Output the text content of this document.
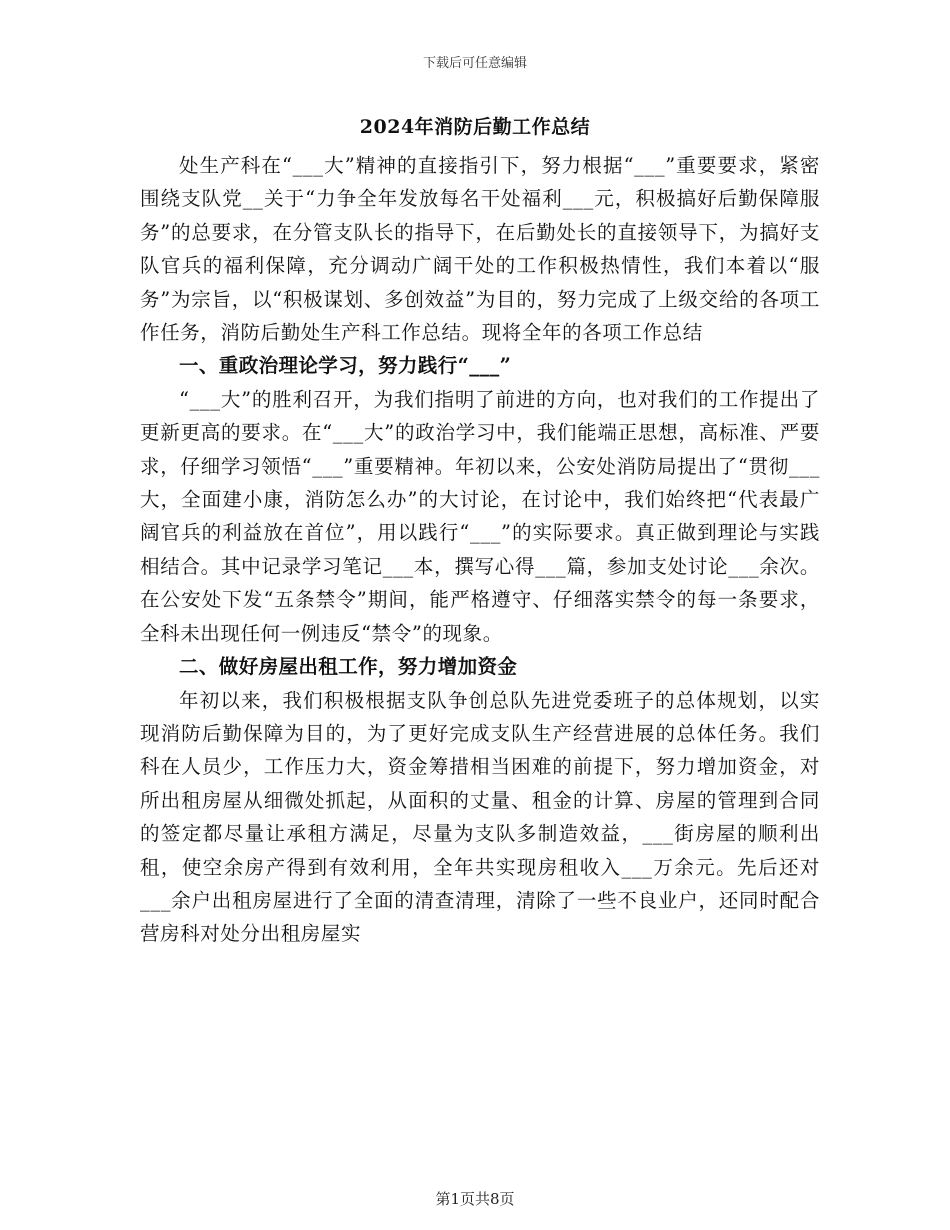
下载后可任意编辑
2024年消防后勤工作总结

处生产科在“___大”精神的直接指引下，努力根据“___”重要要求，紧密围绕支队党__关于“力争全年发放每名干处福利___元，积极搞好后勤保障服务”的总要求，在分管支队长的指导下，在后勤处长的直接领导下，为搞好支队官兵的福利保障，充分调动广阔干处的工作积极热情性，我们本着以“服务”为宗旨，以“积极谋划、多创效益”为目的，努力完成了上级交给的各项工作任务，消防后勤处生产科工作总结。现将全年的各项工作总结

一、重政治理论学习，努力践行“___”

“___大”的胜利召开，为我们指明了前进的方向，也对我们的工作提出了更新更高的要求。在“___大”的政治学习中，我们能端正思想，高标准、严要求，仔细学习领悟“___”重要精神。年初以来，公安处消防局提出了“贯彻___大，全面建小康，消防怎么办”的大讨论，在讨论中，我们始终把“代表最广阔官兵的利益放在首位”，用以践行“___”的实际要求。真正做到理论与实践相结合。其中记录学习笔记___本，撰写心得___篇，参加支处讨论___余次。在公安处下发“五条禁令”期间，能严格遵守、仔细落实禁令的每一条要求，全科未出现任何一例违反“禁令”的现象。

二、做好房屋出租工作，努力增加资金

年初以来，我们积极根据支队争创总队先进党委班子的总体规划，以实现消防后勤保障为目的，为了更好完成支队生产经营进展的总体任务。我们科在人员少，工作压力大，资金筹措相当困难的前提下，努力增加资金，对所出租房屋从细微处抓起，从面积的丈量、租金的计算、房屋的管理到合同的签定都尽量让承租方满足，尽量为支队多制造效益，___街房屋的顺利出租，使空余房产得到有效利用，全年共实现房租收入___万余元。先后还对___余户出租房屋进行了全面的清查清理，清除了一些不良业户，还同时配合营房科对处分出租房屋实

第1页共8页
